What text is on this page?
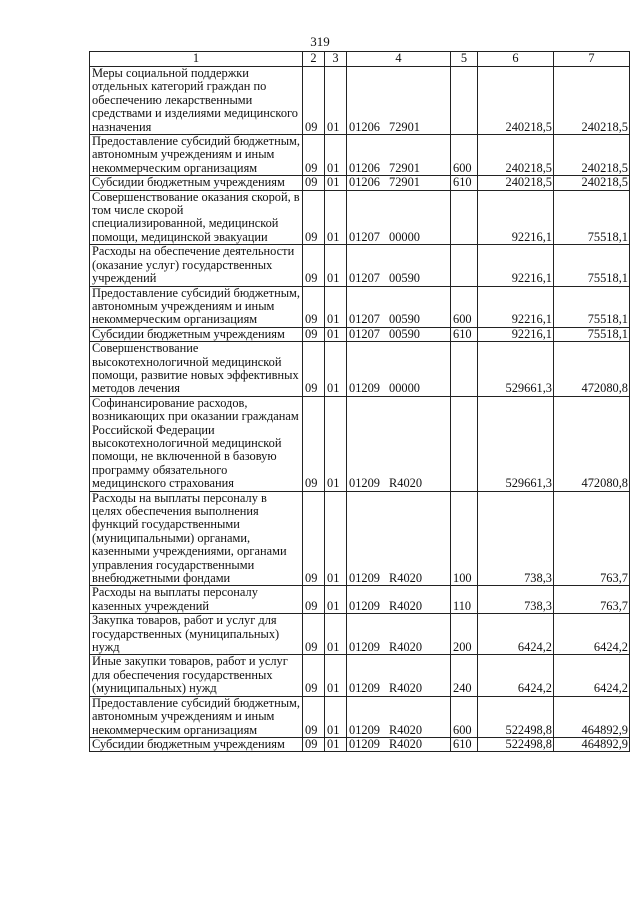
319
1	2	3	4	5	6	7
Меры социальной поддержки отдельных категорий граждан по обеспечению лекарственными средствами и изделиями медицинского назначения	09	01	01206 72901		240218,5	240218,5
Предоставление субсидий бюджетным, автономным учреждениям и иным некоммерческим организациям	09	01	01206 72901	600	240218,5	240218,5
Субсидии бюджетным учреждениям	09	01	01206 72901	610	240218,5	240218,5
Совершенствование оказания скорой, в том числе скорой специализированной, медицинской помощи, медицинской эвакуации	09	01	01207 00000		92216,1	75518,1
Расходы на обеспечение деятельности (оказание услуг) государственных учреждений	09	01	01207 00590		92216,1	75518,1
Предоставление субсидий бюджетным, автономным учреждениям и иным некоммерческим организациям	09	01	01207 00590	600	92216,1	75518,1
Субсидии бюджетным учреждениям	09	01	01207 00590	610	92216,1	75518,1
Совершенствование высокотехнологичной медицинской помощи, развитие новых эффективных методов лечения	09	01	01209 00000		529661,3	472080,8
Софинансирование расходов, возникающих при оказании гражданам Российской Федерации высокотехнологичной медицинской помощи, не включенной в базовую программу обязательного медицинского страхования	09	01	01209 R4020		529661,3	472080,8
Расходы на выплаты персоналу в целях обеспечения выполнения функций государственными (муниципальными) органами, казенными учреждениями, органами управления государственными внебюджетными фондами	09	01	01209 R4020	100	738,3	763,7
Расходы на выплаты персоналу казенных учреждений	09	01	01209 R4020	110	738,3	763,7
Закупка товаров, работ и услуг для государственных (муниципальных) нужд	09	01	01209 R4020	200	6424,2	6424,2
Иные закупки товаров, работ и услуг для обеспечения государственных (муниципальных) нужд	09	01	01209 R4020	240	6424,2	6424,2
Предоставление субсидий бюджетным, автономным учреждениям и иным некоммерческим организациям	09	01	01209 R4020	600	522498,8	464892,9
Субсидии бюджетным учреждениям	09	01	01209 R4020	610	522498,8	464892,9
